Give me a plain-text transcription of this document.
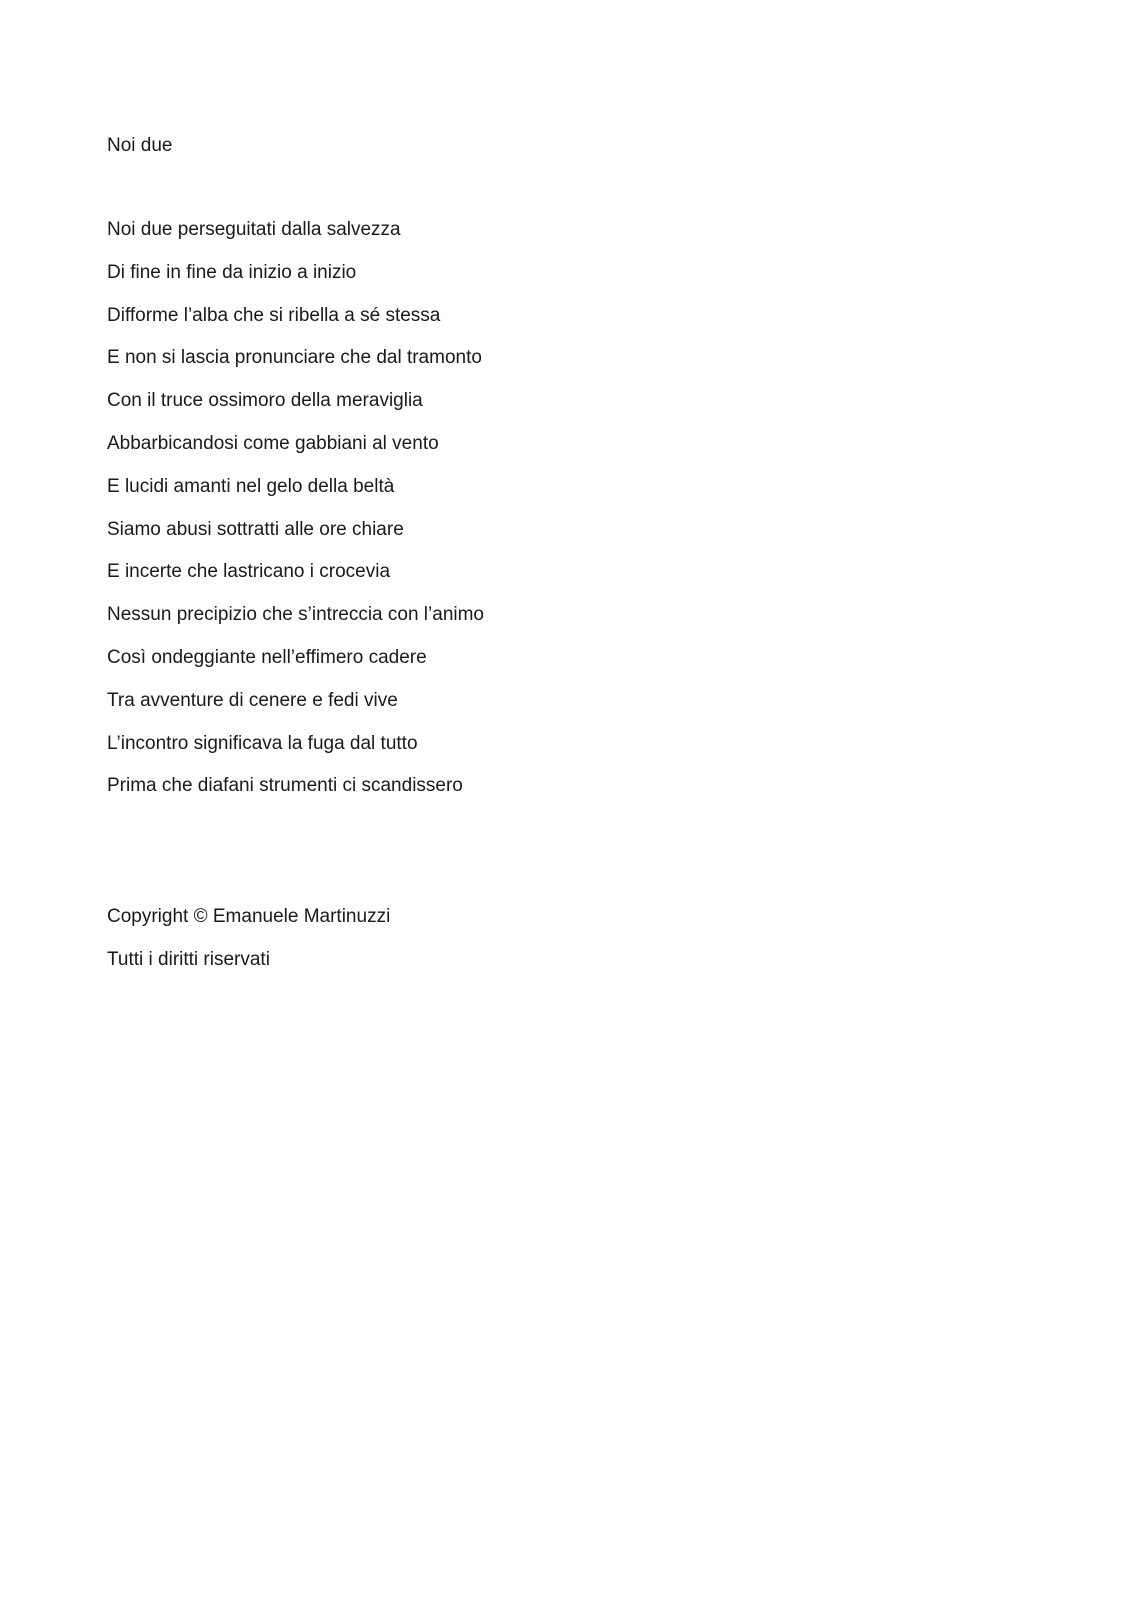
Noi due
Noi due perseguitati dalla salvezza
Di fine in fine da inizio a inizio
Difforme l’alba che si ribella a sé stessa
E non si lascia pronunciare che dal tramonto
Con il truce ossimoro della meraviglia
Abbarbicandosi come gabbiani al vento
E lucidi amanti nel gelo della beltà
Siamo abusi sottratti alle ore chiare
E incerte che lastricano i crocevia
Nessun precipizio che s’intreccia con l’animo
Così ondeggiante nell’effimero cadere
Tra avventure di cenere e fedi vive
L’incontro significava la fuga dal tutto
Prima che diafani strumenti ci scandissero
Copyright © Emanuele Martinuzzi
Tutti i diritti riservati
